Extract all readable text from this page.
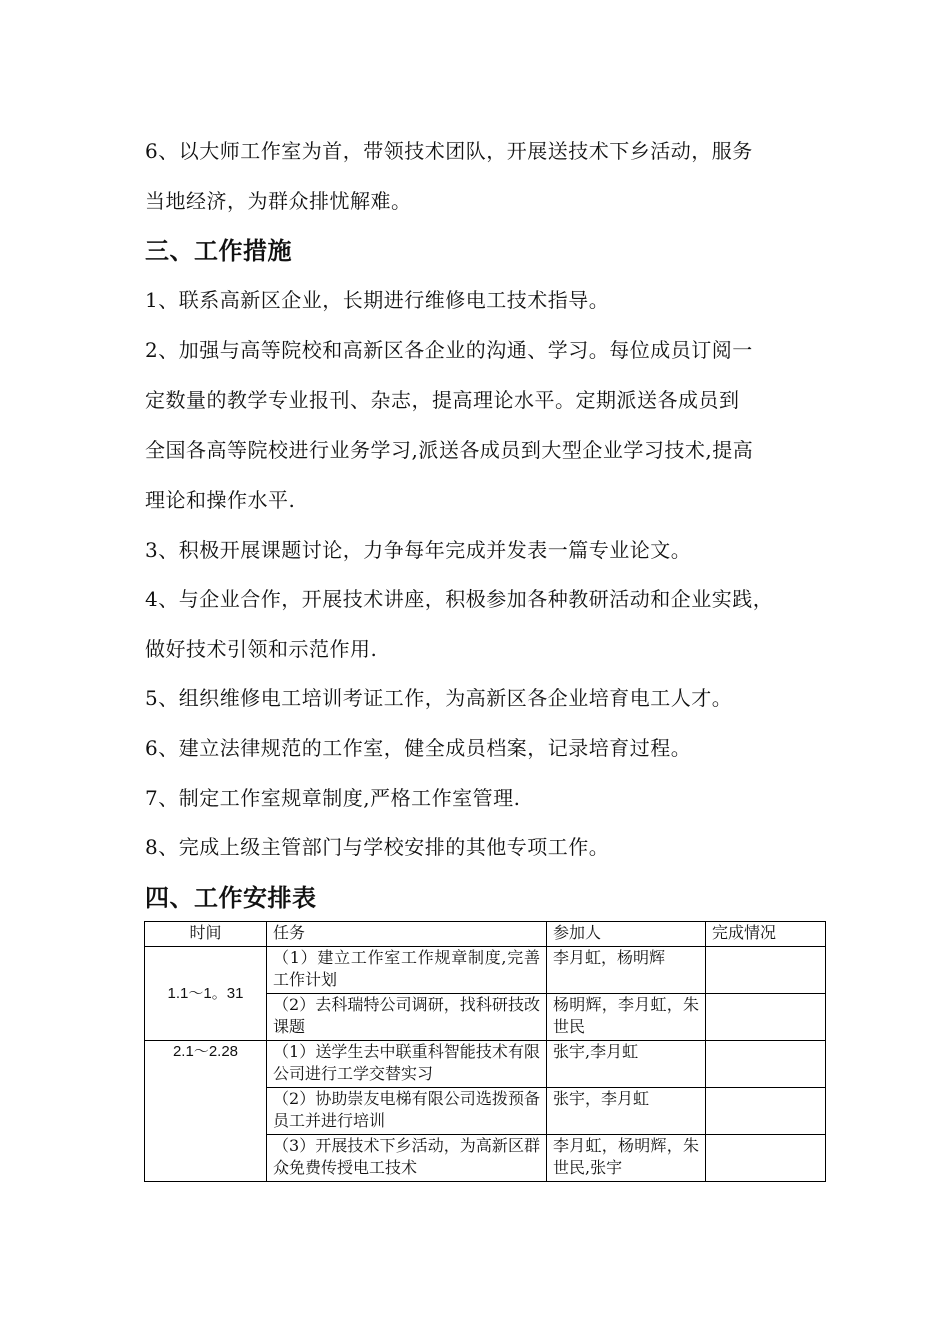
6、以大师工作室为首，带领技术团队，开展送技术下乡活动，服务
当地经济，为群众排忧解难。
三、工作措施
1、联系高新区企业，长期进行维修电工技术指导。
2、加强与高等院校和高新区各企业的沟通、学习。每位成员订阅一
定数量的教学专业报刊、杂志，提高理论水平。定期派送各成员到
全国各高等院校进行业务学习,派送各成员到大型企业学习技术,提高
理论和操作水平.
3、积极开展课题讨论，力争每年完成并发表一篇专业论文。
4、与企业合作，开展技术讲座，积极参加各种教研活动和企业实践，
做好技术引领和示范作用.
5、组织维修电工培训考证工作，为高新区各企业培育电工人才。
6、建立法律规范的工作室，健全成员档案，记录培育过程。
7、制定工作室规章制度,严格工作室管理.
8、完成上级主管部门与学校安排的其他专项工作。
四、工作安排表
时间	任务	参加人	完成情况
1.1～1。31	（1）建立工作室工作规章制度,完善工作计划	李月虹，杨明辉	
	（2）去科瑞特公司调研，找科研技改课题	杨明辉，李月虹，朱世民	
2.1～2.28	（1）送学生去中联重科智能技术有限公司进行工学交替实习	张宇,李月虹	
	（2）协助崇友电梯有限公司选拨预备员工并进行培训	张宇，李月虹	
	（3）开展技术下乡活动，为高新区群众免费传授电工技术	李月虹，杨明辉，朱世民,张宇	
